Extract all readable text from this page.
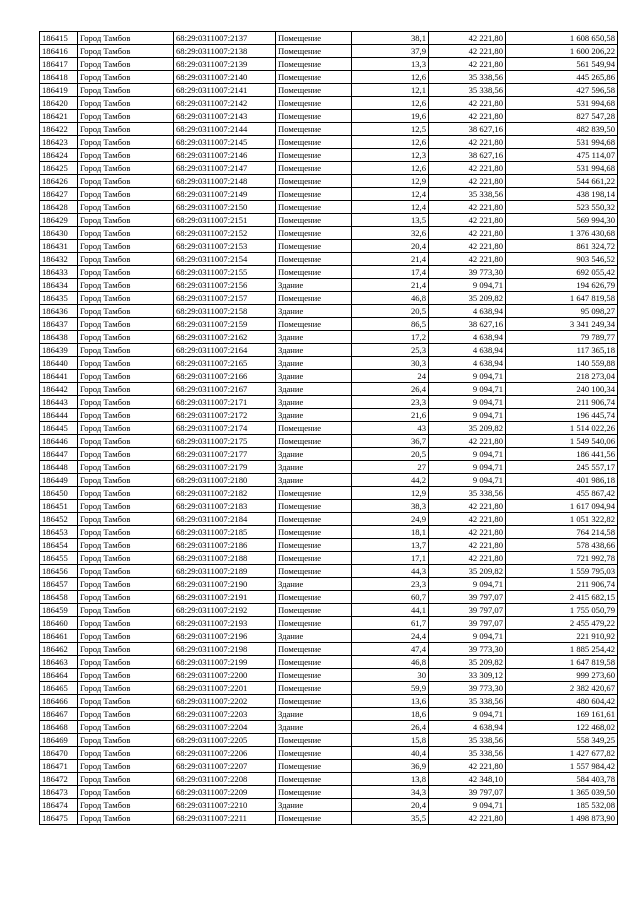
186415	Город Тамбов	68:29:0311007:2137	Помещение	38,1	42 221,80	1 608 650,58
186416	Город Тамбов	68:29:0311007:2138	Помещение	37,9	42 221,80	1 600 206,22
186417	Город Тамбов	68:29:0311007:2139	Помещение	13,3	42 221,80	561 549,94
186418	Город Тамбов	68:29:0311007:2140	Помещение	12,6	35 338,56	445 265,86
186419	Город Тамбов	68:29:0311007:2141	Помещение	12,1	35 338,56	427 596,58
186420	Город Тамбов	68:29:0311007:2142	Помещение	12,6	42 221,80	531 994,68
186421	Город Тамбов	68:29:0311007:2143	Помещение	19,6	42 221,80	827 547,28
186422	Город Тамбов	68:29:0311007:2144	Помещение	12,5	38 627,16	482 839,50
186423	Город Тамбов	68:29:0311007:2145	Помещение	12,6	42 221,80	531 994,68
186424	Город Тамбов	68:29:0311007:2146	Помещение	12,3	38 627,16	475 114,07
186425	Город Тамбов	68:29:0311007:2147	Помещение	12,6	42 221,80	531 994,68
186426	Город Тамбов	68:29:0311007:2148	Помещение	12,9	42 221,80	544 661,22
186427	Город Тамбов	68:29:0311007:2149	Помещение	12,4	35 338,56	438 198,14
186428	Город Тамбов	68:29:0311007:2150	Помещение	12,4	42 221,80	523 550,32
186429	Город Тамбов	68:29:0311007:2151	Помещение	13,5	42 221,80	569 994,30
186430	Город Тамбов	68:29:0311007:2152	Помещение	32,6	42 221,80	1 376 430,68
186431	Город Тамбов	68:29:0311007:2153	Помещение	20,4	42 221,80	861 324,72
186432	Город Тамбов	68:29:0311007:2154	Помещение	21,4	42 221,80	903 546,52
186433	Город Тамбов	68:29:0311007:2155	Помещение	17,4	39 773,30	692 055,42
186434	Город Тамбов	68:29:0311007:2156	Здание	21,4	9 094,71	194 626,79
186435	Город Тамбов	68:29:0311007:2157	Помещение	46,8	35 209,82	1 647 819,58
186436	Город Тамбов	68:29:0311007:2158	Здание	20,5	4 638,94	95 098,27
186437	Город Тамбов	68:29:0311007:2159	Помещение	86,5	38 627,16	3 341 249,34
186438	Город Тамбов	68:29:0311007:2162	Здание	17,2	4 638,94	79 789,77
186439	Город Тамбов	68:29:0311007:2164	Здание	25,3	4 638,94	117 365,18
186440	Город Тамбов	68:29:0311007:2165	Здание	30,3	4 638,94	140 559,88
186441	Город Тамбов	68:29:0311007:2166	Здание	24	9 094,71	218 273,04
186442	Город Тамбов	68:29:0311007:2167	Здание	26,4	9 094,71	240 100,34
186443	Город Тамбов	68:29:0311007:2171	Здание	23,3	9 094,71	211 906,74
186444	Город Тамбов	68:29:0311007:2172	Здание	21,6	9 094,71	196 445,74
186445	Город Тамбов	68:29:0311007:2174	Помещение	43	35 209,82	1 514 022,26
186446	Город Тамбов	68:29:0311007:2175	Помещение	36,7	42 221,80	1 549 540,06
186447	Город Тамбов	68:29:0311007:2177	Здание	20,5	9 094,71	186 441,56
186448	Город Тамбов	68:29:0311007:2179	Здание	27	9 094,71	245 557,17
186449	Город Тамбов	68:29:0311007:2180	Здание	44,2	9 094,71	401 986,18
186450	Город Тамбов	68:29:0311007:2182	Помещение	12,9	35 338,56	455 867,42
186451	Город Тамбов	68:29:0311007:2183	Помещение	38,3	42 221,80	1 617 094,94
186452	Город Тамбов	68:29:0311007:2184	Помещение	24,9	42 221,80	1 051 322,82
186453	Город Тамбов	68:29:0311007:2185	Помещение	18,1	42 221,80	764 214,58
186454	Город Тамбов	68:29:0311007:2186	Помещение	13,7	42 221,80	578 438,66
186455	Город Тамбов	68:29:0311007:2188	Помещение	17,1	42 221,80	721 992,78
186456	Город Тамбов	68:29:0311007:2189	Помещение	44,3	35 209,82	1 559 795,03
186457	Город Тамбов	68:29:0311007:2190	Здание	23,3	9 094,71	211 906,74
186458	Город Тамбов	68:29:0311007:2191	Помещение	60,7	39 797,07	2 415 682,15
186459	Город Тамбов	68:29:0311007:2192	Помещение	44,1	39 797,07	1 755 050,79
186460	Город Тамбов	68:29:0311007:2193	Помещение	61,7	39 797,07	2 455 479,22
186461	Город Тамбов	68:29:0311007:2196	Здание	24,4	9 094,71	221 910,92
186462	Город Тамбов	68:29:0311007:2198	Помещение	47,4	39 773,30	1 885 254,42
186463	Город Тамбов	68:29:0311007:2199	Помещение	46,8	35 209,82	1 647 819,58
186464	Город Тамбов	68:29:0311007:2200	Помещение	30	33 309,12	999 273,60
186465	Город Тамбов	68:29:0311007:2201	Помещение	59,9	39 773,30	2 382 420,67
186466	Город Тамбов	68:29:0311007:2202	Помещение	13,6	35 338,56	480 604,42
186467	Город Тамбов	68:29:0311007:2203	Здание	18,6	9 094,71	169 161,61
186468	Город Тамбов	68:29:0311007:2204	Здание	26,4	4 638,94	122 468,02
186469	Город Тамбов	68:29:0311007:2205	Помещение	15,8	35 338,56	558 349,25
186470	Город Тамбов	68:29:0311007:2206	Помещение	40,4	35 338,56	1 427 677,82
186471	Город Тамбов	68:29:0311007:2207	Помещение	36,9	42 221,80	1 557 984,42
186472	Город Тамбов	68:29:0311007:2208	Помещение	13,8	42 348,10	584 403,78
186473	Город Тамбов	68:29:0311007:2209	Помещение	34,3	39 797,07	1 365 039,50
186474	Город Тамбов	68:29:0311007:2210	Здание	20,4	9 094,71	185 532,08
186475	Город Тамбов	68:29:0311007:2211	Помещение	35,5	42 221,80	1 498 873,90
